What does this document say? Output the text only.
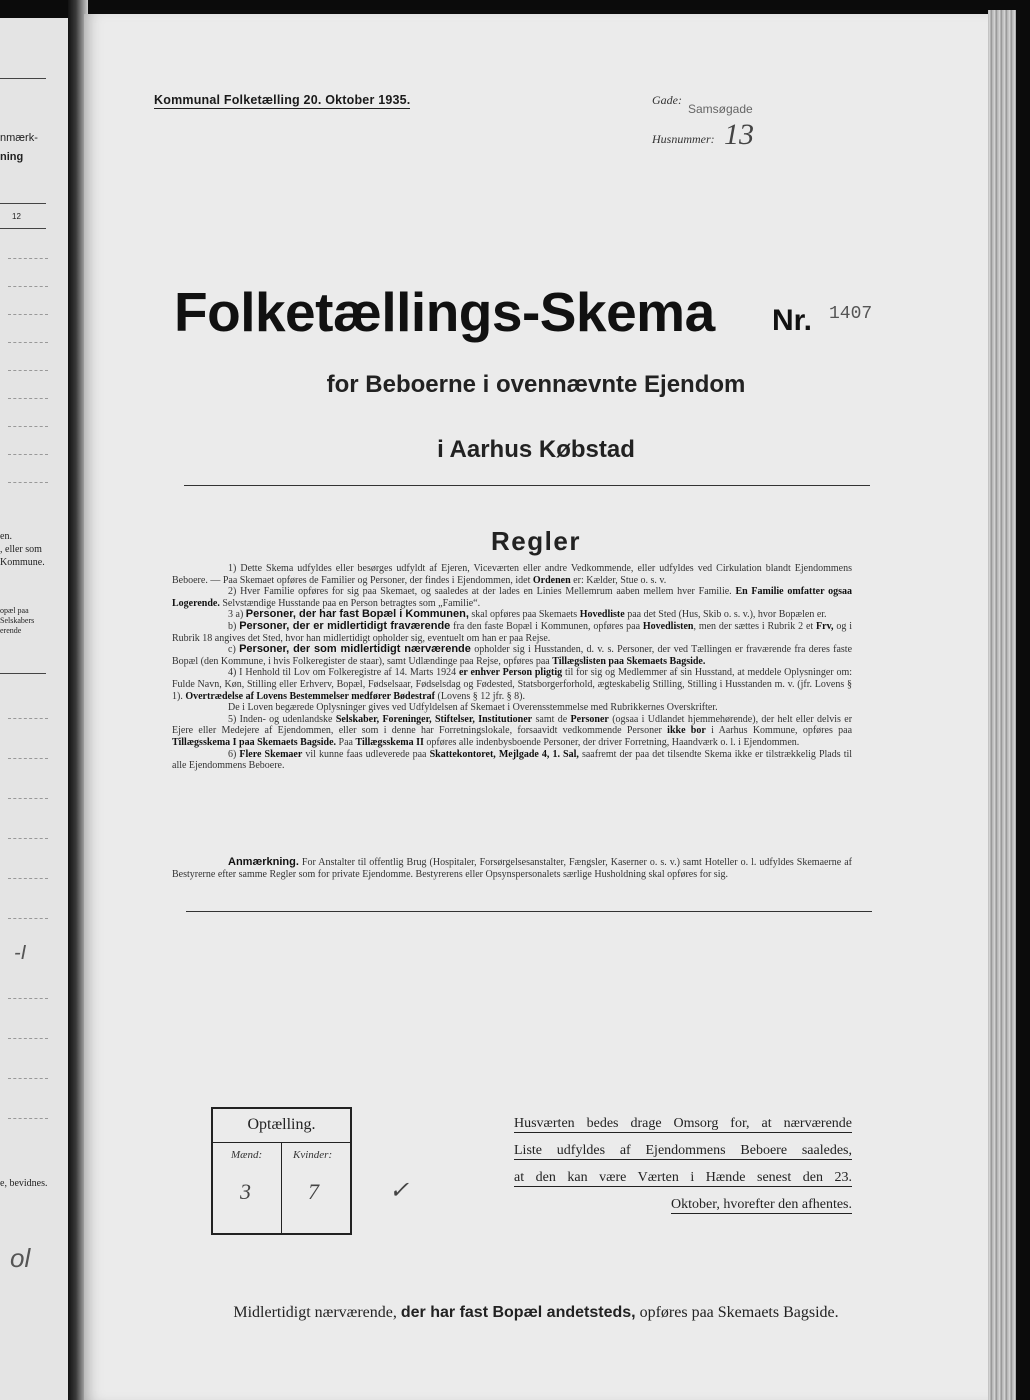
nmærk-
ning
12
en.
, eller som
Kommune.
opæl paa
Selskabers
erende
-I
e, bevidnes.
ol
Kommunal Folketælling 20. Oktober 1935.	Gade:
Samsøgade
Husnummer: 13
Folketællings-Skema Nr. 1407
for Beboerne i ovennævnte Ejendom
i Aarhus Købstad
Regler

1) Dette Skema udfyldes eller besørges udfyldt af Ejeren, Viceværten eller andre Vedkommende, eller udfyldes ved Cirkulation blandt Ejendommens Beboere. — Paa Skemaet opføres de Familier og Personer, der findes i Ejendommen, idet Ordenen er: Kælder, Stue o. s. v.

2) Hver Familie opføres for sig paa Skemaet, og saaledes at der lades en Linies Mellemrum aaben mellem hver Familie. En Familie omfatter ogsaa Logerende. Selvstændige Husstande paa en Person betragtes som „Familie“.

3 a) Personer, der har fast Bopæl i Kommunen, skal opføres paa Skemaets Hovedliste paa det Sted (Hus, Skib o. s. v.), hvor Bopælen er.

b) Personer, der er midlertidigt fraværende fra den faste Bopæl i Kommunen, opføres paa Hovedlisten, men der sættes i Rubrik 2 et Frv, og i Rubrik 18 angives det Sted, hvor han midlertidigt opholder sig, eventuelt om han er paa Rejse.

c) Personer, der som midlertidigt nærværende opholder sig i Husstanden, d. v. s. Personer, der ved Tællingen er fraværende fra deres faste Bopæl (den Kommune, i hvis Folkeregister de staar), samt Udlændinge paa Rejse, opføres paa Tillægslisten paa Skemaets Bagside.

4) I Henhold til Lov om Folkeregistre af 14. Marts 1924 er enhver Person pligtig til for sig og Medlemmer af sin Husstand, at meddele Oplysninger om: Fulde Navn, Køn, Stilling eller Erhverv, Bopæl, Fødselsaar, Fødselsdag og Fødested, Statsborgerforhold, ægteskabelig Stilling, Stilling i Husstanden m. v. (jfr. Lovens § 1). Overtrædelse af Lovens Bestemmelser medfører Bødestraf (Lovens § 12 jfr. § 8).

De i Loven begærede Oplysninger gives ved Udfyldelsen af Skemaet i Overensstemmelse med Rubrikkernes Overskrifter.

5) Inden- og udenlandske Selskaber, Foreninger, Stiftelser, Institutioner samt de Personer (ogsaa i Udlandet hjemmehørende), der helt eller delvis er Ejere eller Medejere af Ejendommen, eller som i denne har Forretningslokale, forsaavidt vedkommende Personer ikke bor i Aarhus Kommune, opføres paa Tillægsskema I paa Skemaets Bagside. Paa Tillægsskema II opføres alle indenbysboende Personer, der driver Forretning, Haandværk o. l. i Ejendommen.

6) Flere Skemaer vil kunne faas udleverede paa Skattekontoret, Mejlgade 4, 1. Sal, saafremt der paa det tilsendte Skema ikke er tilstrækkelig Plads til alle Ejendommens Beboere.

Anmærkning. For Anstalter til offentlig Brug (Hospitaler, Forsørgelsesanstalter, Fængsler, Kaserner o. s. v.) samt Hoteller o. l. udfyldes Skemaerne af Bestyrerne efter samme Regler som for private Ejendomme. Bestyrerens eller Opsynspersonalets særlige Husholdning skal opføres for sig.

Optælling.
Mænd:	Kvinder:
3	7	✓
Husværten bedes drage Omsorg for, at nærværende
Liste udfyldes af Ejendommens Beboere saaledes,
at den kan være Værten i Hænde senest den 23.
Oktober, hvorefter den afhentes.
Midlertidigt nærværende, der har fast Bopæl andetsteds, opføres paa Skemaets Bagside.
